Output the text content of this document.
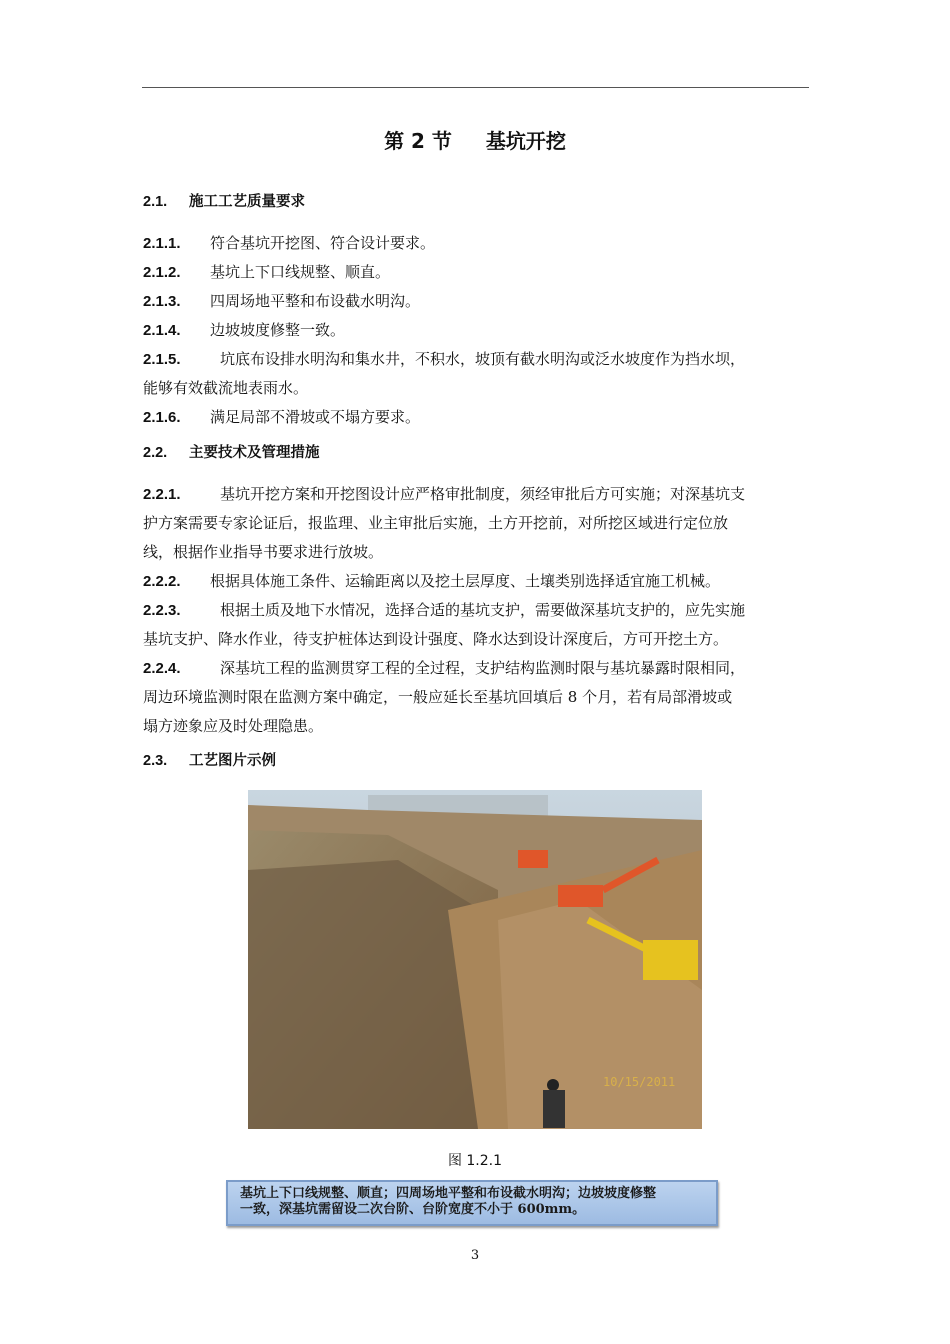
第 2 节 基坑开挖
2.1. 施工工艺质量要求
2.1.1. 符合基坑开挖图、符合设计要求。
2.1.2. 基坑上下口线规整、顺直。
2.1.3. 四周场地平整和布设截水明沟。
2.1.4. 边坡坡度修整一致。
2.1.5.	坑底布设排水明沟和集水井，不积水，坡顶有截水明沟或泛水坡度作为挡水坝，
能够有效截流地表雨水。
2.1.6. 满足局部不滑坡或不塌方要求。
2.2. 主要技术及管理措施
2.2.1.	基坑开挖方案和开挖图设计应严格审批制度，须经审批后方可实施；对深基坑支
护方案需要专家论证后，报监理、业主审批后实施，土方开挖前，对所挖区域进行定位放
线，根据作业指导书要求进行放坡。
2.2.2. 根据具体施工条件、运输距离以及挖土层厚度、土壤类别选择适宜施工机械。
2.2.3.	根据土质及地下水情况，选择合适的基坑支护，需要做深基坑支护的，应先实施
基坑支护、降水作业，待支护桩体达到设计强度、降水达到设计深度后，方可开挖土方。
2.2.4.	深基坑工程的监测贯穿工程的全过程，支护结构监测时限与基坑暴露时限相同，
周边环境监测时限在监测方案中确定，一般应延长至基坑回填后 8 个月，若有局部滑坡或
塌方迹象应及时处理隐患。
2.3. 工艺图片示例
10/15/2011
图 1.2.1
基坑上下口线规整、顺直；四周场地平整和布设截水明沟；边坡坡度修整
一致，深基坑需留设二次台阶、台阶宽度不小于 600mm。
3
